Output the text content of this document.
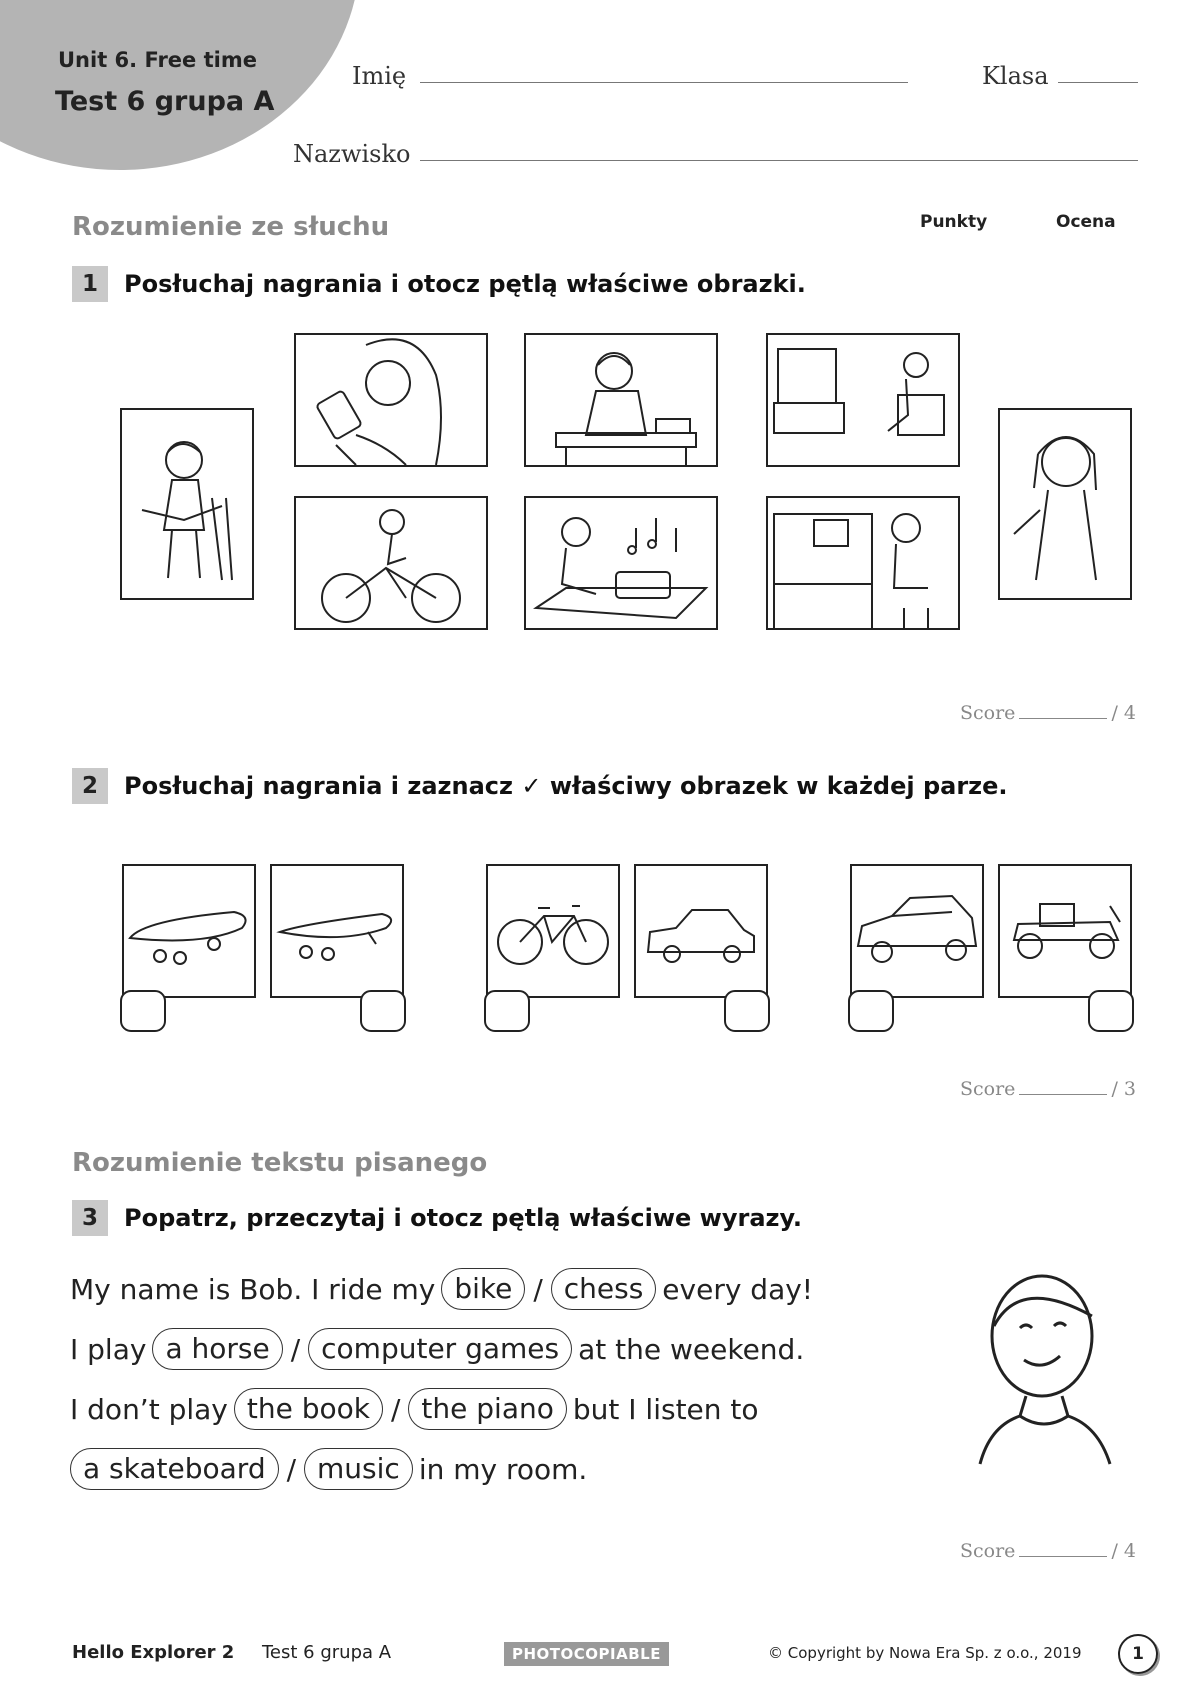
Unit 6. Free time
Test 6 grupa A
Imię	Klasa
Nazwisko
Rozumienie ze słuchu	Punkty	Ocena
1	Posłuchaj nagrania i otocz pętlą właściwe obrazki.
Score	/ 4
2	Posłuchaj nagrania i zaznacz ✓ właściwy obrazek w każdej parze.
Score	/ 3
Rozumienie tekstu pisanego
3	Popatrz, przeczytaj i otocz pętlą właściwe wyrazy.
My name is Bob. I ride my bike / chess every day!
I play a horse / computer games at the weekend.
I don’t play the book / the piano but I listen to
a skateboard / music in my room.
Score	/ 4
Hello Explorer 2 Test 6 grupa A	PHOTOCOPIABLE	© Copyright by Nowa Era Sp. z o.o., 2019	1
